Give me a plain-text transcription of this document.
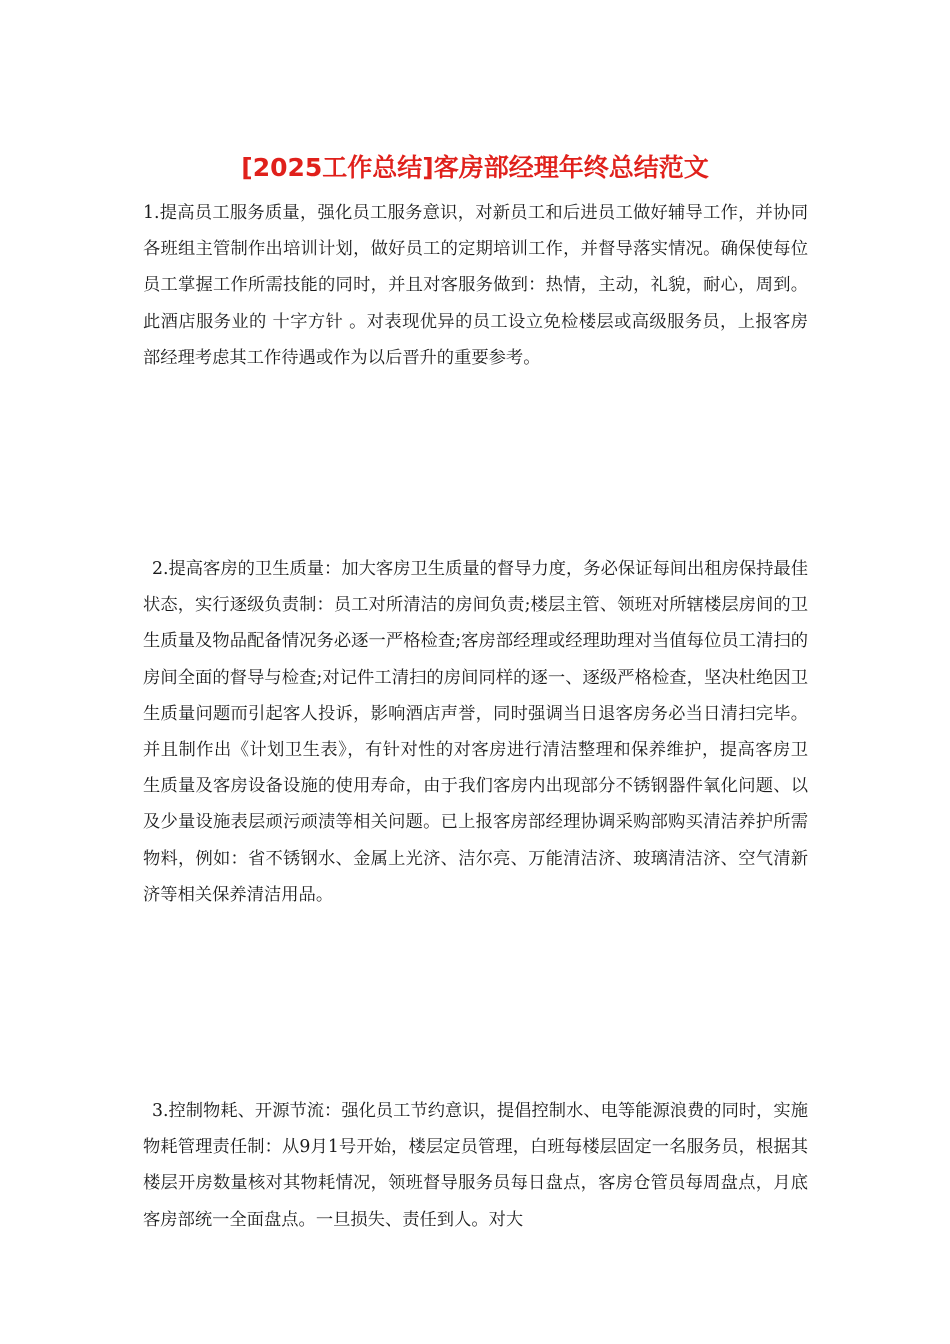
[2025工作总结]客房部经理年终总结范文

1.提高员工服务质量，强化员工服务意识，对新员工和后进员工做好辅导工作，并协同各班组主管制作出培训计划，做好员工的定期培训工作，并督导落实情况。确保使每位员工掌握工作所需技能的同时，并且对客服务做到：热情，主动，礼貌，耐心，周到。此酒店服务业的 十字方针 。对表现优异的员工设立免检楼层或高级服务员，上报客房部经理考虑其工作待遇或作为以后晋升的重要参考。

2.提高客房的卫生质量：加大客房卫生质量的督导力度，务必保证每间出租房保持最佳状态，实行逐级负责制：员工对所清洁的房间负责;楼层主管、领班对所辖楼层房间的卫生质量及物品配备情况务必逐一严格检查;客房部经理或经理助理对当值每位员工清扫的房间全面的督导与检查;对记件工清扫的房间同样的逐一、逐级严格检查，坚决杜绝因卫生质量问题而引起客人投诉，影响酒店声誉，同时强调当日退客房务必当日清扫完毕。并且制作出《计划卫生表》，有针对性的对客房进行清洁整理和保养维护，提高客房卫生质量及客房设备设施的使用寿命，由于我们客房内出现部分不锈钢器件氧化问题、以及少量设施表层顽污顽渍等相关问题。已上报客房部经理协调采购部购买清洁养护所需物料，例如：省不锈钢水、金属上光济、洁尔亮、万能清洁济、玻璃清洁济、空气清新济等相关保养清洁用品。

3.控制物耗、开源节流：强化员工节约意识，提倡控制水、电等能源浪费的同时，实施物耗管理责任制：从9月1号开始，楼层定员管理，白班每楼层固定一名服务员，根据其楼层开房数量核对其物耗情况，领班督导服务员每日盘点，客房仓管员每周盘点，月底客房部统一全面盘点。一旦损失、责任到人。对大
